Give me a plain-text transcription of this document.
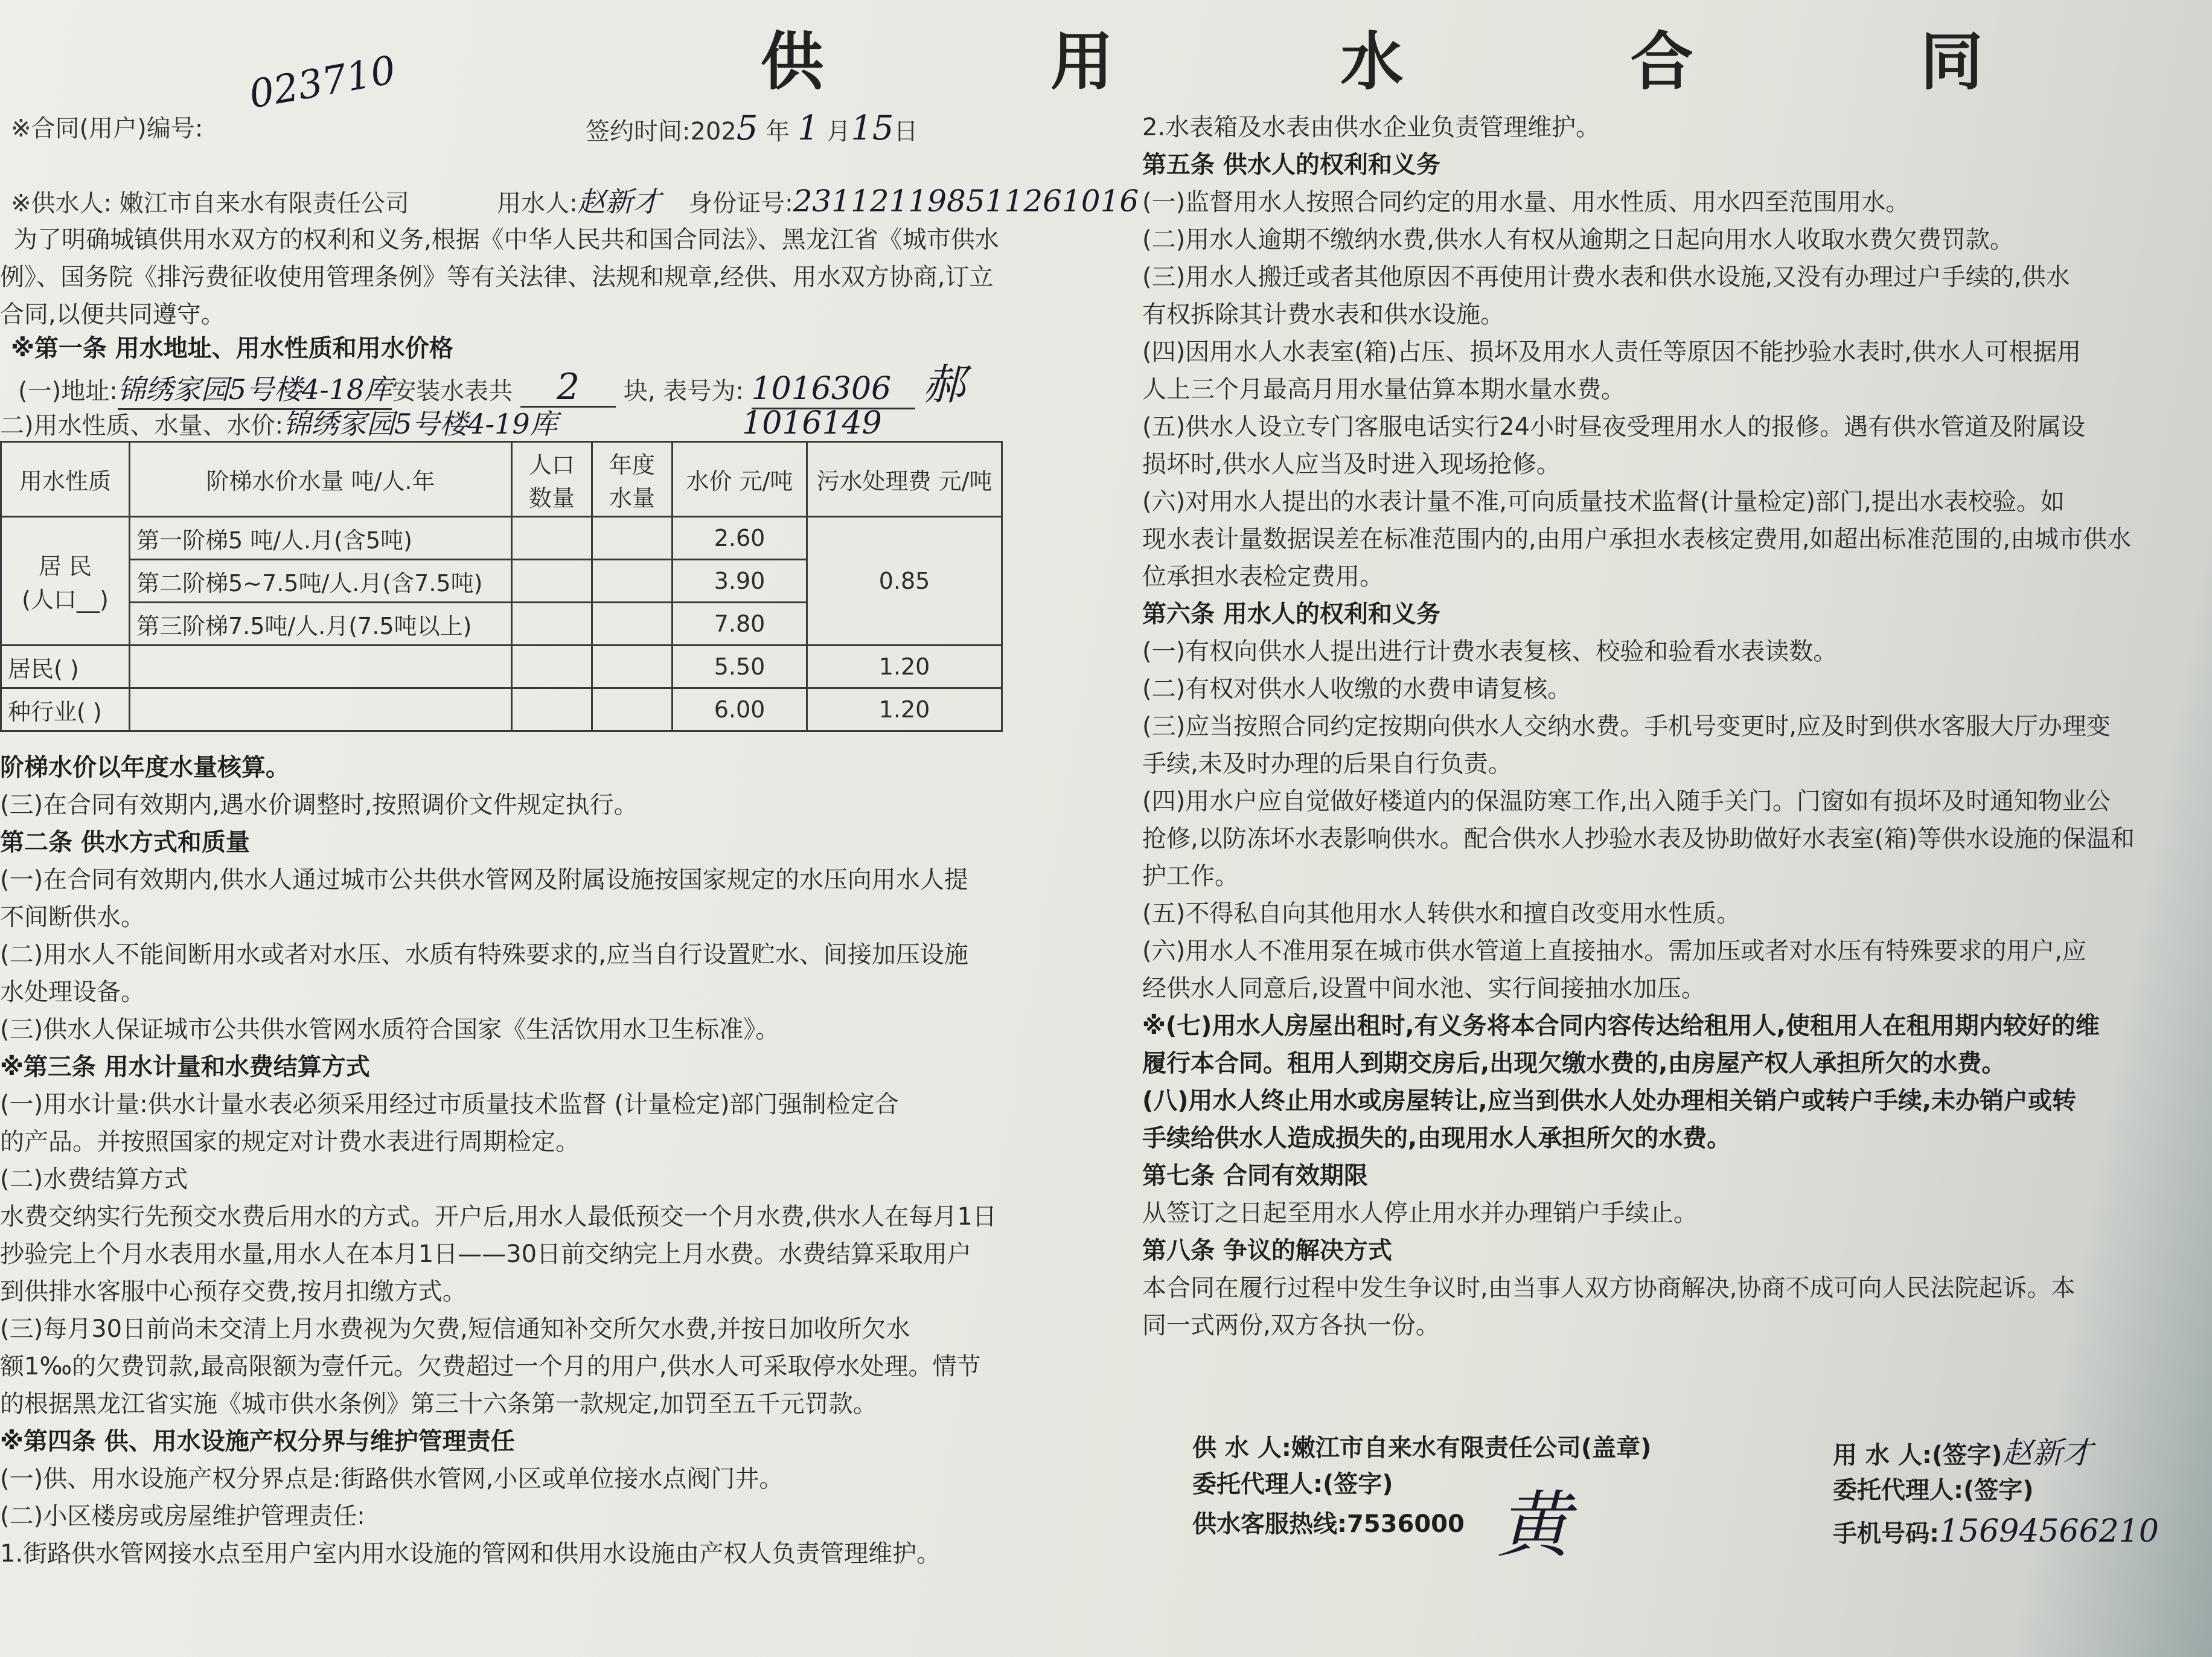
供 用 水 合 同
023710
※合同(用户)编号:	签约时间:2025 年 1 月15日
※供水人: 嫩江市自来水有限责任公司	用水人:赵新才 身份证号:231121198511261016
为了明确城镇供用水双方的权利和义务,根据《中华人民共和国合同法》、黑龙江省《城市供水
例》、国务院《排污费征收使用管理条例》等有关法律、法规和规章,经供、用水双方协商,订立
合同,以便共同遵守。
※第一条 用水地址、用水性质和用水价格
(一)地址:锦绣家园5号楼4-18库安装水表共 2 块, 表号为: 1016306 郝
二)用水性质、水量、水价:锦绣家园5号楼4-19库	1016149
用水性质	阶梯水价水量 吨/人.年	人口数量	年度水量	水价 元/吨	污水处理费 元/吨

居 民
(人口__)	第一阶梯5 吨/人.月(含5吨)			2.60	0.85
	第二阶梯5~7.5吨/人.月(含7.5吨)			3.90	
	第三阶梯7.5吨/人.月(7.5吨以上)			7.80	
居民( )				5.50	1.20
种行业( )				6.00	1.20
阶梯水价以年度水量核算。
(三)在合同有效期内,遇水价调整时,按照调价文件规定执行。
第二条 供水方式和质量
(一)在合同有效期内,供水人通过城市公共供水管网及附属设施按国家规定的水压向用水人提
不间断供水。
(二)用水人不能间断用水或者对水压、水质有特殊要求的,应当自行设置贮水、间接加压设施
水处理设备。
(三)供水人保证城市公共供水管网水质符合国家《生活饮用水卫生标准》。
※第三条 用水计量和水费结算方式
(一)用水计量:供水计量水表必须采用经过市质量技术监督 (计量检定)部门强制检定合
的产品。并按照国家的规定对计费水表进行周期检定。
(二)水费结算方式
水费交纳实行先预交水费后用水的方式。开户后,用水人最低预交一个月水费,供水人在每月1日
抄验完上个月水表用水量,用水人在本月1日——30日前交纳完上月水费。水费结算采取用户
到供排水客服中心预存交费,按月扣缴方式。
(三)每月30日前尚未交清上月水费视为欠费,短信通知补交所欠水费,并按日加收所欠水
额1‰的欠费罚款,最高限额为壹仟元。欠费超过一个月的用户,供水人可采取停水处理。情节
的根据黑龙江省实施《城市供水条例》第三十六条第一款规定,加罚至五千元罚款。
※第四条 供、用水设施产权分界与维护管理责任
(一)供、用水设施产权分界点是:街路供水管网,小区或单位接水点阀门井。
(二)小区楼房或房屋维护管理责任:
1.街路供水管网接水点至用户室内用水设施的管网和供用水设施由产权人负责管理维护。
2.水表箱及水表由供水企业负责管理维护。
第五条 供水人的权利和义务
(一)监督用水人按照合同约定的用水量、用水性质、用水四至范围用水。
(二)用水人逾期不缴纳水费,供水人有权从逾期之日起向用水人收取水费欠费罚款。
(三)用水人搬迁或者其他原因不再使用计费水表和供水设施,又没有办理过户手续的,供水
有权拆除其计费水表和供水设施。
(四)因用水人水表室(箱)占压、损坏及用水人责任等原因不能抄验水表时,供水人可根据用
人上三个月最高月用水量估算本期水量水费。
(五)供水人设立专门客服电话实行24小时昼夜受理用水人的报修。遇有供水管道及附属设
损坏时,供水人应当及时进入现场抢修。
(六)对用水人提出的水表计量不准,可向质量技术监督(计量检定)部门,提出水表校验。如
现水表计量数据误差在标准范围内的,由用户承担水表核定费用,如超出标准范围的,由城市供水
位承担水表检定费用。
第六条 用水人的权利和义务
(一)有权向供水人提出进行计费水表复核、校验和验看水表读数。
(二)有权对供水人收缴的水费申请复核。
(三)应当按照合同约定按期向供水人交纳水费。手机号变更时,应及时到供水客服大厅办理变
手续,未及时办理的后果自行负责。
(四)用水户应自觉做好楼道内的保温防寒工作,出入随手关门。门窗如有损坏及时通知物业公
抢修,以防冻坏水表影响供水。配合供水人抄验水表及协助做好水表室(箱)等供水设施的保温和
护工作。
(五)不得私自向其他用水人转供水和擅自改变用水性质。
(六)用水人不准用泵在城市供水管道上直接抽水。需加压或者对水压有特殊要求的用户,应
经供水人同意后,设置中间水池、实行间接抽水加压。
※(七)用水人房屋出租时,有义务将本合同内容传达给租用人,使租用人在租用期内较好的维
履行本合同。租用人到期交房后,出现欠缴水费的,由房屋产权人承担所欠的水费。
(八)用水人终止用水或房屋转让,应当到供水人处办理相关销户或转户手续,未办销户或转
手续给供水人造成损失的,由现用水人承担所欠的水费。
第七条 合同有效期限
从签订之日起至用水人停止用水并办理销户手续止。
第八条 争议的解决方式
本合同在履行过程中发生争议时,由当事人双方协商解决,协商不成可向人民法院起诉。本
同一式两份,双方各执一份。
供 水 人:嫩江市自来水有限责任公司(盖章)
委托代理人:(签字)
供水客服热线:7536000 黄
用 水 人:(签字)赵新才
委托代理人:(签字)
手机号码:15694566210
